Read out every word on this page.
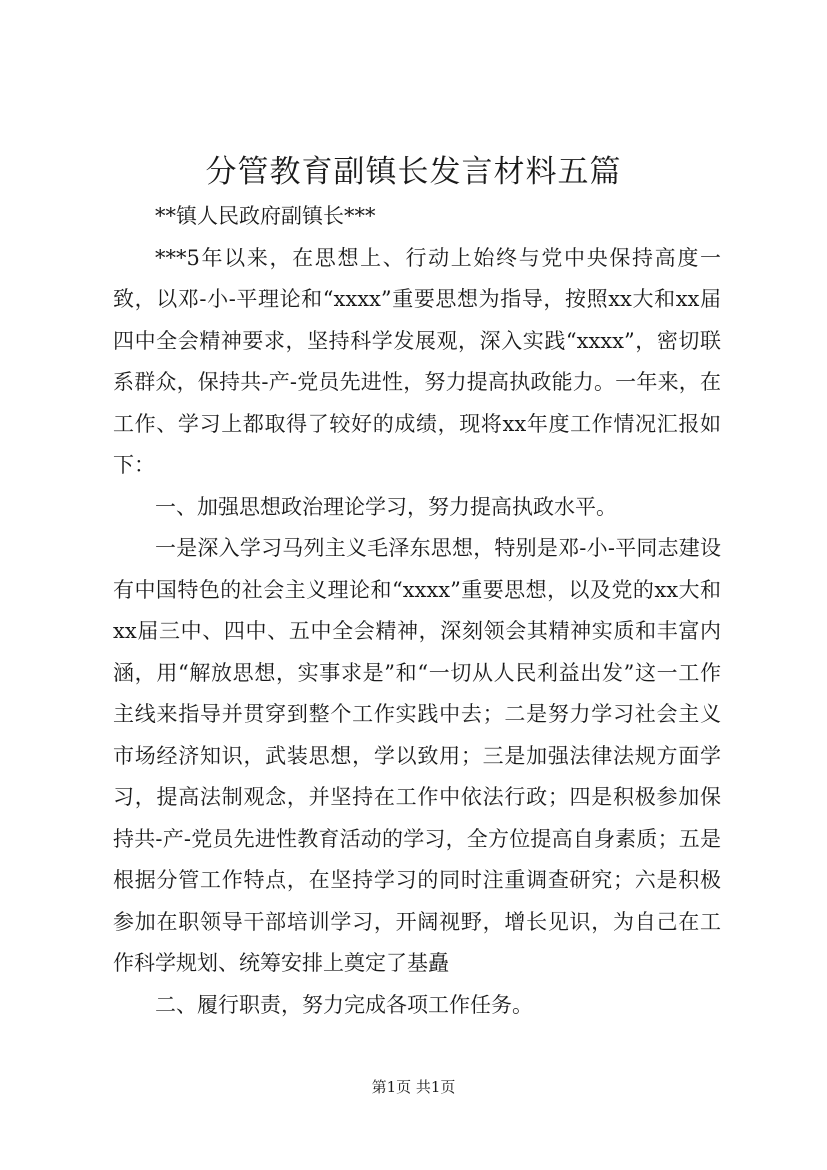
分管教育副镇长发言材料五篇

**镇人民政府副镇长***

***5年以来，在思想上、行动上始终与党中央保持高度一致，以邓-小-平理论和“xxxx”重要思想为指导，按照xx大和xx届四中全会精神要求，坚持科学发展观，深入实践“xxxx”，密切联系群众，保持共-产-党员先进性，努力提高执政能力。一年来，在工作、学习上都取得了较好的成绩，现将xx年度工作情况汇报如下：

一、加强思想政治理论学习，努力提高执政水平。

一是深入学习马列主义毛泽东思想，特别是邓-小-平同志建设有中国特色的社会主义理论和“xxxx”重要思想，以及党的xx大和xx届三中、四中、五中全会精神，深刻领会其精神实质和丰富内涵，用“解放思想，实事求是”和“一切从人民利益出发”这一工作主线来指导并贯穿到整个工作实践中去；二是努力学习社会主义市场经济知识，武装思想，学以致用；三是加强法律法规方面学习，提高法制观念，并坚持在工作中依法行政；四是积极参加保持共-产-党员先进性教育活动的学习，全方位提高自身素质；五是根据分管工作特点，在坚持学习的同时注重调查研究；六是积极参加在职领导干部培训学习，开阔视野，增长见识，为自己在工作科学规划、统筹安排上奠定了基矗

二、履行职责，努力完成各项工作任务。

第1页 共1页
